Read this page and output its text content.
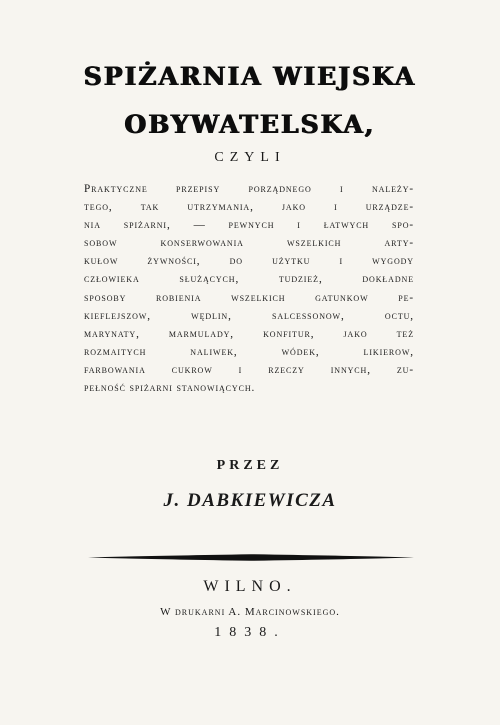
SPIŻARNIA WIEJSKA
OBYWATELSKA,
CZYLI
Praktyczne przepisy porządnego i należy-
tego, tak utrzymania, jako i urządze-
nia spiżarni, — pewnych i łatwych spo-
sobow konserwowania wszelkich arty-
kułow żywności, do użytku i wygody
człowieka służących, tudzież, dokładne
sposoby robienia wszelkich gatunkow pe-
kieflejszow, wędlin, salcessonow, octu,
marynaty, marmulady, konfitur, jako też
rozmaitych naliwek, wódek, likierow,
farbowania cukrow i rzeczy innych, zu-
pełność spiżarni stanowiących.
PRZEZ
J. DABKIEWICZA
WILNO.
W drukarni A. Marcinowskiego.
1838.
